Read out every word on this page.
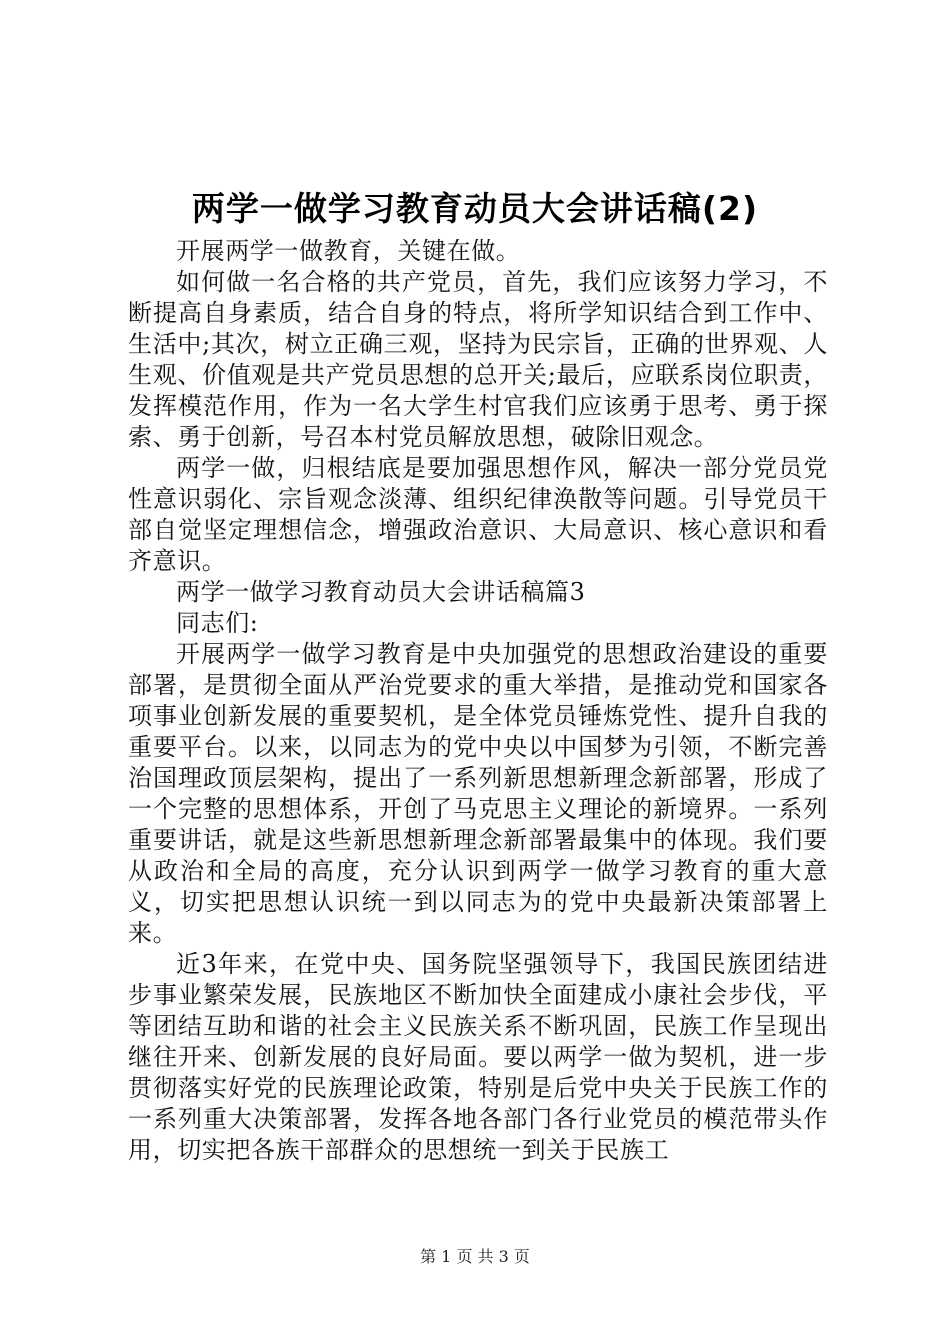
两学一做学习教育动员大会讲话稿(2)

开展两学一做教育，关键在做。

如何做一名合格的共产党员，首先，我们应该努力学习，不断提高自身素质，结合自身的特点，将所学知识结合到工作中、生活中;其次，树立正确三观，坚持为民宗旨，正确的世界观、人生观、价值观是共产党员思想的总开关;最后，应联系岗位职责，发挥模范作用，作为一名大学生村官我们应该勇于思考、勇于探索、勇于创新，号召本村党员解放思想，破除旧观念。

两学一做，归根结底是要加强思想作风，解决一部分党员党性意识弱化、宗旨观念淡薄、组织纪律涣散等问题。引导党员干部自觉坚定理想信念，增强政治意识、大局意识、核心意识和看齐意识。

两学一做学习教育动员大会讲话稿篇3

同志们:

开展两学一做学习教育是中央加强党的思想政治建设的重要部署，是贯彻全面从严治党要求的重大举措，是推动党和国家各项事业创新发展的重要契机，是全体党员锤炼党性、提升自我的重要平台。以来，以同志为的党中央以中国梦为引领，不断完善治国理政顶层架构，提出了一系列新思想新理念新部署，形成了一个完整的思想体系，开创了马克思主义理论的新境界。一系列重要讲话，就是这些新思想新理念新部署最集中的体现。我们要从政治和全局的高度，充分认识到两学一做学习教育的重大意义，切实把思想认识统一到以同志为的党中央最新决策部署上来。

近3年来，在党中央、国务院坚强领导下，我国民族团结进步事业繁荣发展，民族地区不断加快全面建成小康社会步伐，平等团结互助和谐的社会主义民族关系不断巩固，民族工作呈现出继往开来、创新发展的良好局面。要以两学一做为契机，进一步贯彻落实好党的民族理论政策，特别是后党中央关于民族工作的一系列重大决策部署，发挥各地各部门各行业党员的模范带头作用，切实把各族干部群众的思想统一到关于民族工

第 1 页 共 3 页
